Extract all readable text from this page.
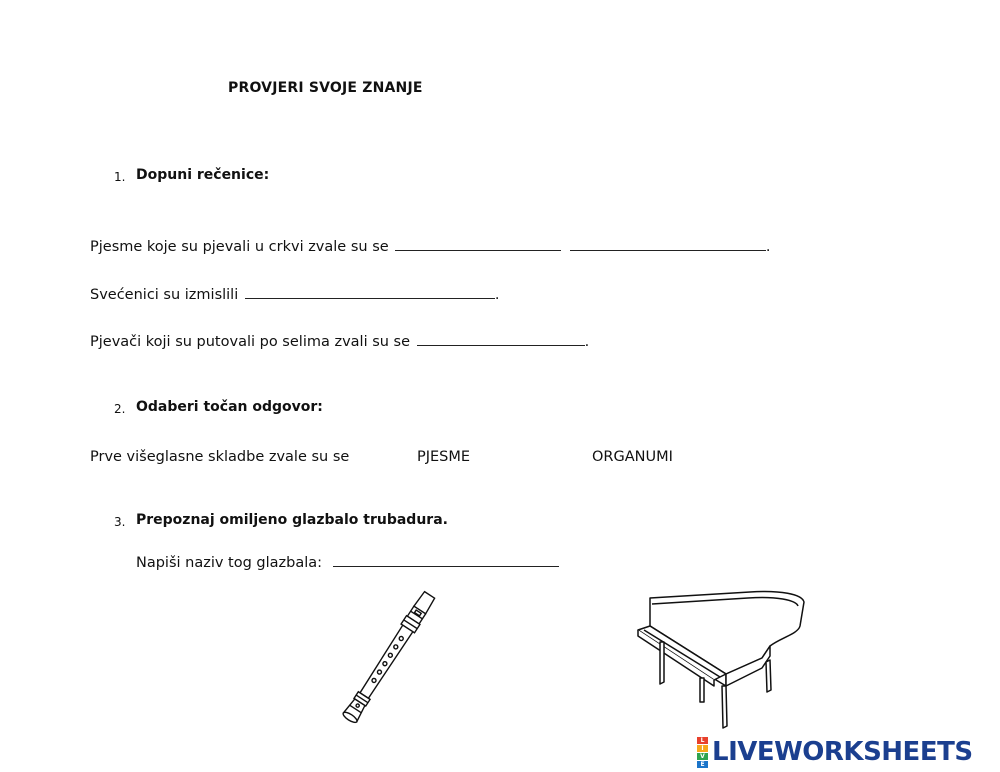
PROVJERI SVOJE ZNANJE
1. Dopuni rečenice:
Pjesme koje su pjevali u crkvi zvale su se	.
Svećenici su izmislili	.
Pjevači koji su putovali po selima zvali su se	.
2. Odaberi točan odgovor:
Prve višeglasne skladbe zvale su se	PJESME	ORGANUMI
3. Prepoznaj omiljeno glazbalo trubadura.
Napiši naziv tog glazbala:
L
I
V
E LIVEWORKSHEETS
